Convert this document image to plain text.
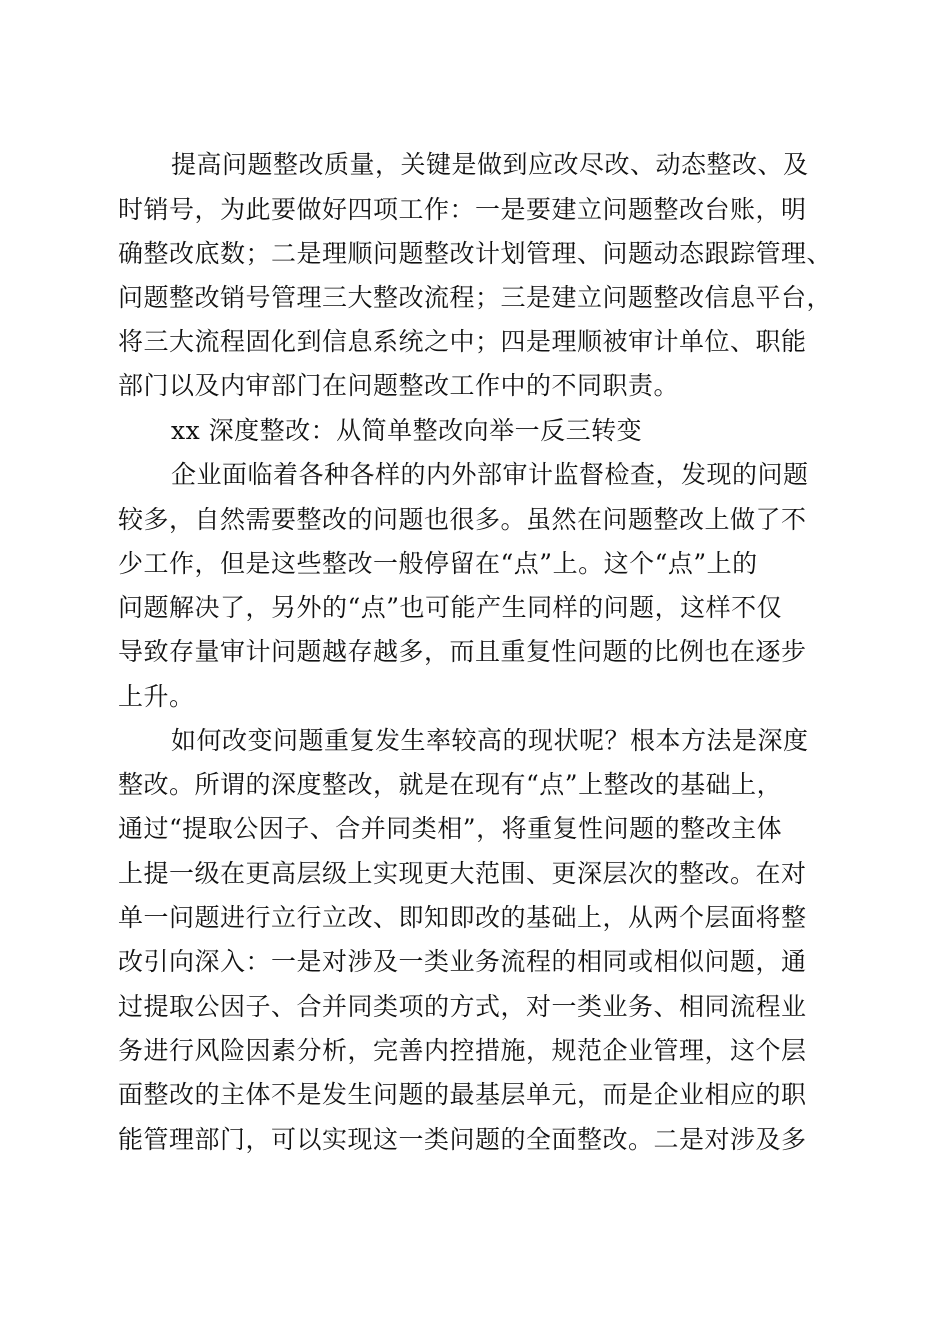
提高问题整改质量，关键是做到应改尽改、动态整改、及

时销号，为此要做好四项工作：一是要建立问题整改台账，明

确整改底数；二是理顺问题整改计划管理、问题动态跟踪管理、

问题整改销号管理三大整改流程；三是建立问题整改信息平台，

将三大流程固化到信息系统之中；四是理顺被审计单位、职能

部门以及内审部门在问题整改工作中的不同职责。

xx 深度整改：从简单整改向举一反三转变

企业面临着各种各样的内外部审计监督检查，发现的问题

较多，自然需要整改的问题也很多。虽然在问题整改上做了不

少工作，但是这些整改一般停留在“点”上。这个“点”上的

问题解决了，另外的“点”也可能产生同样的问题，这样不仅

导致存量审计问题越存越多，而且重复性问题的比例也在逐步

上升。

如何改变问题重复发生率较高的现状呢？根本方法是深度

整改。所谓的深度整改，就是在现有“点”上整改的基础上，

通过“提取公因子、合并同类相”，将重复性问题的整改主体

上提一级在更高层级上实现更大范围、更深层次的整改。在对

单一问题进行立行立改、即知即改的基础上，从两个层面将整

改引向深入：一是对涉及一类业务流程的相同或相似问题，通

过提取公因子、合并同类项的方式，对一类业务、相同流程业

务进行风险因素分析，完善内控措施，规范企业管理，这个层

面整改的主体不是发生问题的最基层单元，而是企业相应的职

能管理部门，可以实现这一类问题的全面整改。二是对涉及多
